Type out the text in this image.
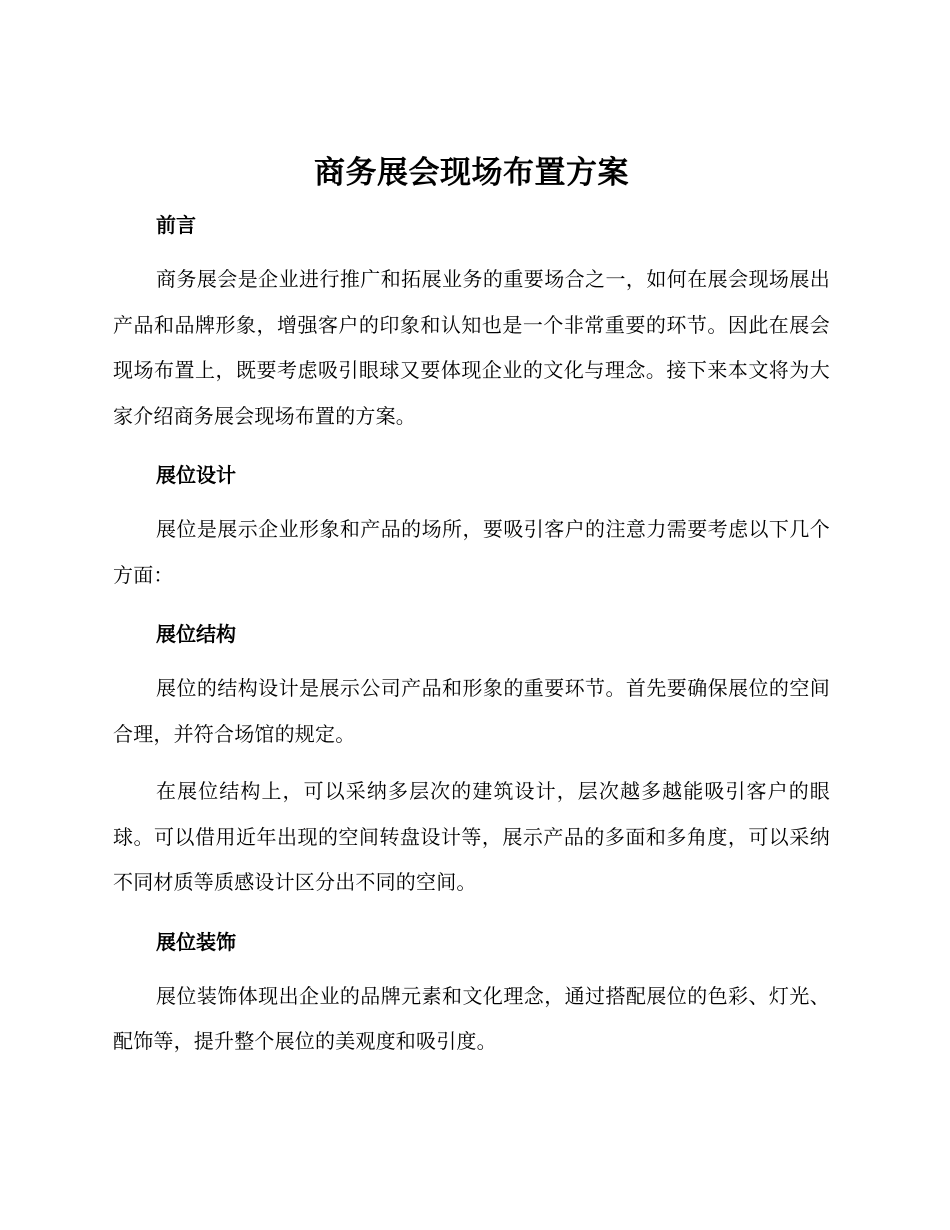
商务展会现场布置方案
前言

商务展会是企业进行推广和拓展业务的重要场合之一，如何在展会现场展出产品和品牌形象，增强客户的印象和认知也是一个非常重要的环节。因此在展会现场布置上，既要考虑吸引眼球又要体现企业的文化与理念。接下来本文将为大家介绍商务展会现场布置的方案。

展位设计

展位是展示企业形象和产品的场所，要吸引客户的注意力需要考虑以下几个方面：

展位结构

展位的结构设计是展示公司产品和形象的重要环节。首先要确保展位的空间合理，并符合场馆的规定。

在展位结构上，可以采纳多层次的建筑设计，层次越多越能吸引客户的眼球。可以借用近年出现的空间转盘设计等，展示产品的多面和多角度，可以采纳不同材质等质感设计区分出不同的空间。

展位装饰

展位装饰体现出企业的品牌元素和文化理念，通过搭配展位的色彩、灯光、配饰等，提升整个展位的美观度和吸引度。
